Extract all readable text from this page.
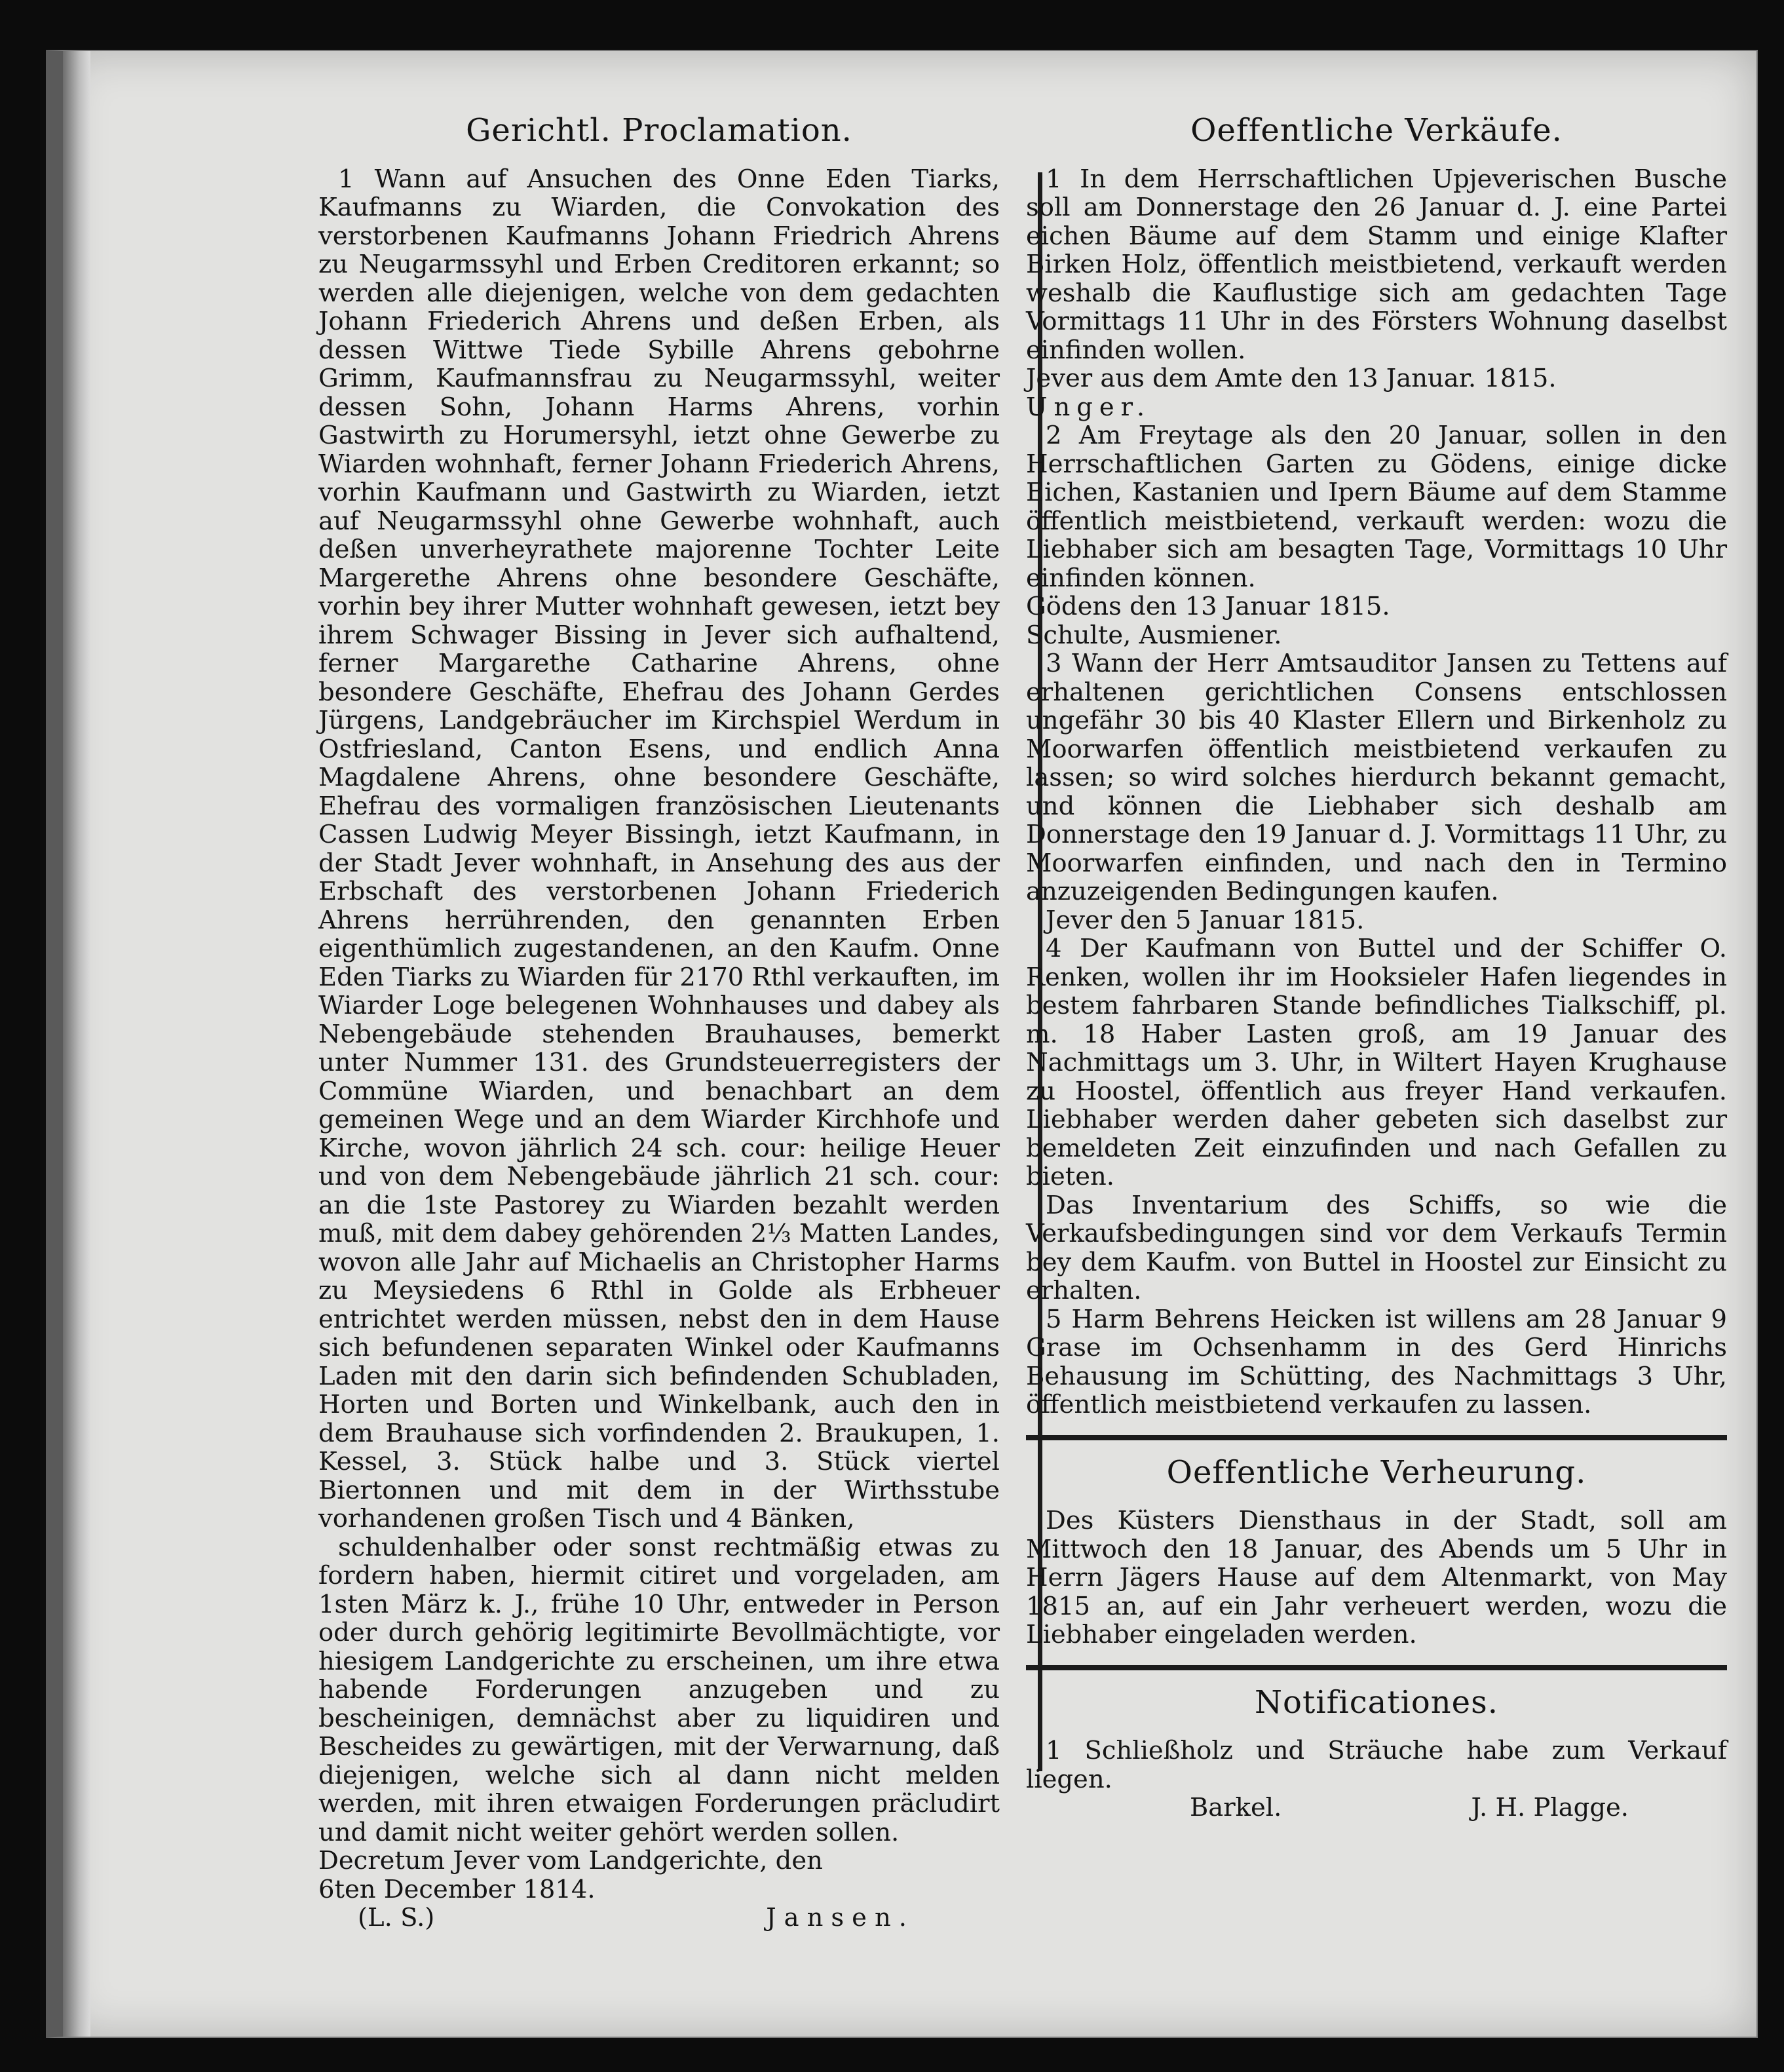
Gerichtl. Proclamation.

1 Wann auf Ansuchen des Onne Eden Tiarks, Kaufmanns zu Wiarden, die Convokation des verstorbenen Kaufmanns Johann Friedrich Ahrens zu Neugarmssyhl und Erben Creditoren erkannt; so werden alle diejenigen, welche von dem gedachten Johann Friederich Ahrens und deßen Erben, als dessen Wittwe Tiede Sybille Ahrens gebohrne Grimm, Kaufmannsfrau zu Neugarmssyhl, weiter dessen Sohn, Johann Harms Ahrens, vorhin Gastwirth zu Horumersyhl, ietzt ohne Gewerbe zu Wiarden wohnhaft, ferner Johann Friederich Ahrens, vorhin Kaufmann und Gastwirth zu Wiarden, ietzt auf Neugarmssyhl ohne Gewerbe wohnhaft, auch deßen unverheyrathete majorenne Tochter Leite Margerethe Ahrens ohne besondere Geschäfte, vorhin bey ihrer Mutter wohnhaft gewesen, ietzt bey ihrem Schwager Bissing in Jever sich aufhaltend, ferner Margarethe Catharine Ahrens, ohne besondere Geschäfte, Ehefrau des Johann Gerdes Jürgens, Landgebräucher im Kirchspiel Werdum in Ostfriesland, Canton Esens, und endlich Anna Magdalene Ahrens, ohne besondere Geschäfte, Ehefrau des vormaligen französischen Lieutenants Cassen Ludwig Meyer Bissingh, ietzt Kaufmann, in der Stadt Jever wohnhaft, in Ansehung des aus der Erbschaft des verstorbenen Johann Friederich Ahrens herrührenden, den genannten Erben eigenthümlich zugestandenen, an den Kaufm. Onne Eden Tiarks zu Wiarden für 2170 Rthl verkauften, im Wiarder Loge belegenen Wohnhauses und dabey als Nebengebäude stehenden Brauhauses, bemerkt unter Nummer 131. des Grundsteuerregisters der Commüne Wiarden, und benachbart an dem gemeinen Wege und an dem Wiarder Kirchhofe und Kirche, wovon jährlich 24 sch. cour: heilige Heuer und von dem Nebengebäude jährlich 21 sch. cour: an die 1ste Pastorey zu Wiarden bezahlt werden muß, mit dem dabey gehörenden 2⅓ Matten Landes, wovon alle Jahr auf Michaelis an Christopher Harms zu Meysiedens 6 Rthl in Golde als Erbheuer entrichtet werden müssen, nebst den in dem Hause sich befundenen separaten Winkel oder Kaufmanns Laden mit den darin sich befindenden Schubladen, Horten und Borten und Winkelbank, auch den in dem Brauhause sich vorfindenden 2. Braukupen, 1. Kessel, 3. Stück halbe und 3. Stück viertel Biertonnen und mit dem in der Wirthsstube vorhandenen großen Tisch und 4 Bänken,

schuldenhalber oder sonst rechtmäßig etwas zu fordern haben, hiermit citiret und vorgeladen, am 1sten März k. J., frühe 10 Uhr, entweder in Person oder durch gehörig legitimirte Bevollmächtigte, vor hiesigem Landgerichte zu erscheinen, um ihre etwa habende Forderungen anzugeben und zu bescheinigen, demnächst aber zu liquidiren und Bescheides zu gewärtigen, mit der Verwarnung, daß diejenigen, welche sich al dann nicht melden werden, mit ihren etwaigen Forderungen präcludirt und damit nicht weiter gehört werden sollen.

Decretum Jever vom Landgerichte, den

6ten December 1814.

(L. S.)	Jansen.
Oeffentliche Verkäufe.

1 In dem Herrschaftlichen Upjeverischen Busche soll am Donnerstage den 26 Januar d. J. eine Partei eichen Bäume auf dem Stamm und einige Klafter Birken Holz, öffentlich meistbietend, verkauft werden weshalb die Kauflustige sich am gedachten Tage Vormittags 11 Uhr in des Försters Wohnung daselbst einfinden wollen.

Jever aus dem Amte den 13 Januar. 1815.

Unger.

2 Am Freytage als den 20 Januar, sollen in den Herrschaftlichen Garten zu Gödens, einige dicke Eichen, Kastanien und Ipern Bäume auf dem Stamme öffentlich meistbietend, verkauft werden: wozu die Liebhaber sich am besagten Tage, Vormittags 10 Uhr einfinden können.

Gödens den 13 Januar 1815.

Schulte, Ausmiener.

3 Wann der Herr Amtsauditor Jansen zu Tettens auf erhaltenen gerichtlichen Consens entschlossen ungefähr 30 bis 40 Klaster Ellern und Birkenholz zu Moorwarfen öffentlich meistbietend verkaufen zu lassen; so wird solches hierdurch bekannt gemacht, und können die Liebhaber sich deshalb am Donnerstage den 19 Januar d. J. Vormittags 11 Uhr, zu Moorwarfen einfinden, und nach den in Termino anzuzeigenden Bedingungen kaufen.

Jever den 5 Januar 1815.

4 Der Kaufmann von Buttel und der Schiffer O. Renken, wollen ihr im Hooksieler Hafen liegendes in bestem fahrbaren Stande befindliches Tialkschiff, pl. m. 18 Haber Lasten groß, am 19 Januar des Nachmittags um 3. Uhr, in Wiltert Hayen Krughause zu Hoostel, öffentlich aus freyer Hand verkaufen. Liebhaber werden daher gebeten sich daselbst zur bemeldeten Zeit einzufinden und nach Gefallen zu bieten.

Das Inventarium des Schiffs, so wie die Verkaufsbedingungen sind vor dem Verkaufs Termin bey dem Kaufm. von Buttel in Hoostel zur Einsicht zu erhalten.

5 Harm Behrens Heicken ist willens am 28 Januar 9 Grase im Ochsenhamm in des Gerd Hinrichs Behausung im Schütting, des Nachmittags 3 Uhr, öffentlich meistbietend verkaufen zu lassen.

Oeffentliche Verheurung.

Des Küsters Diensthaus in der Stadt, soll am Mittwoch den 18 Januar, des Abends um 5 Uhr in Herrn Jägers Hause auf dem Altenmarkt, von May 1815 an, auf ein Jahr verheuert werden, wozu die Liebhaber eingeladen werden.

Notificationes.

1 Schließholz und Sträuche habe zum Verkauf liegen.

Barkel.	J. H. Plagge.
